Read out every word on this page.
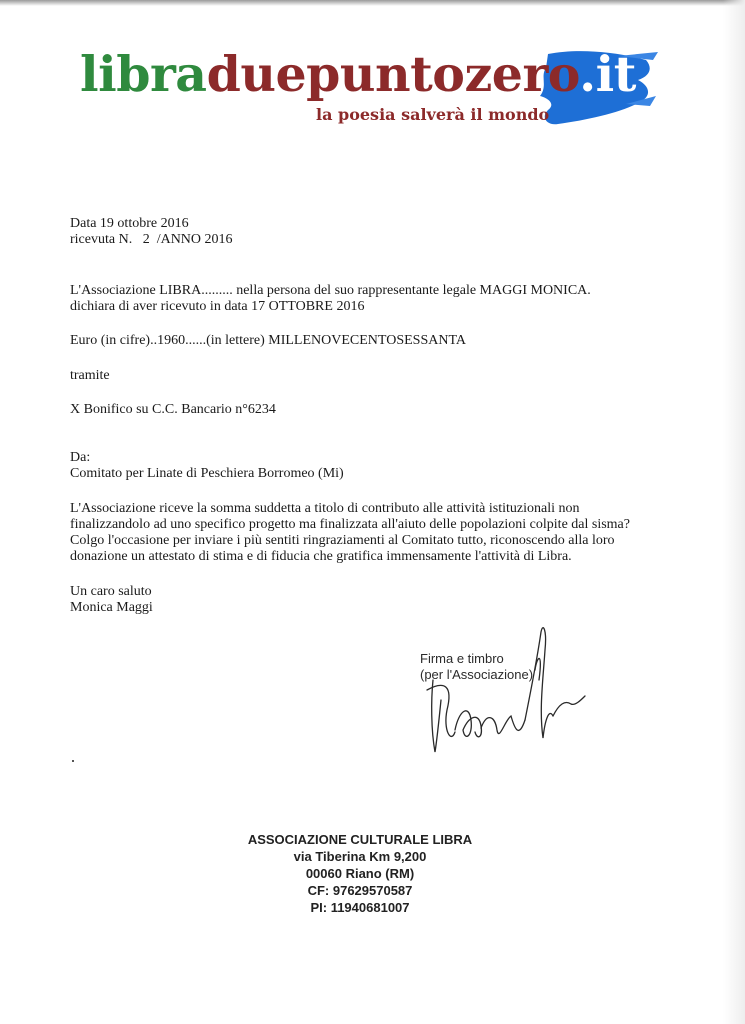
libraduepuntozero.it
la poesia salverà il mondo
Data 19 ottobre 2016
ricevuta N.   2  /ANNO 2016
L'Associazione LIBRA......... nella persona del suo rappresentante legale MAGGI MONICA.
dichiara di aver ricevuto in data 17 OTTOBRE 2016
Euro (in cifre)..1960......(in lettere) MILLENOVECENTOSESSANTA
tramite
X Bonifico su C.C. Bancario n°6234
Da:
Comitato per Linate di Peschiera Borromeo (Mi)
L'Associazione riceve la somma suddetta a titolo di contributo alle attività istituzionali non
finalizzandolo ad uno specifico progetto ma finalizzata all'aiuto delle popolazioni colpite dal sisma?
Colgo l'occasione per inviare i più sentiti ringraziamenti al Comitato tutto, riconoscendo alla loro
donazione un attestato di stima e di fiducia che gratifica immensamente l'attività di Libra.
Un caro saluto
Monica Maggi
Firma e timbro
(per l'Associazione)
ASSOCIAZIONE CULTURALE LIBRA
via Tiberina Km 9,200
00060 Riano (RM)
CF: 97629570587
PI: 11940681007
